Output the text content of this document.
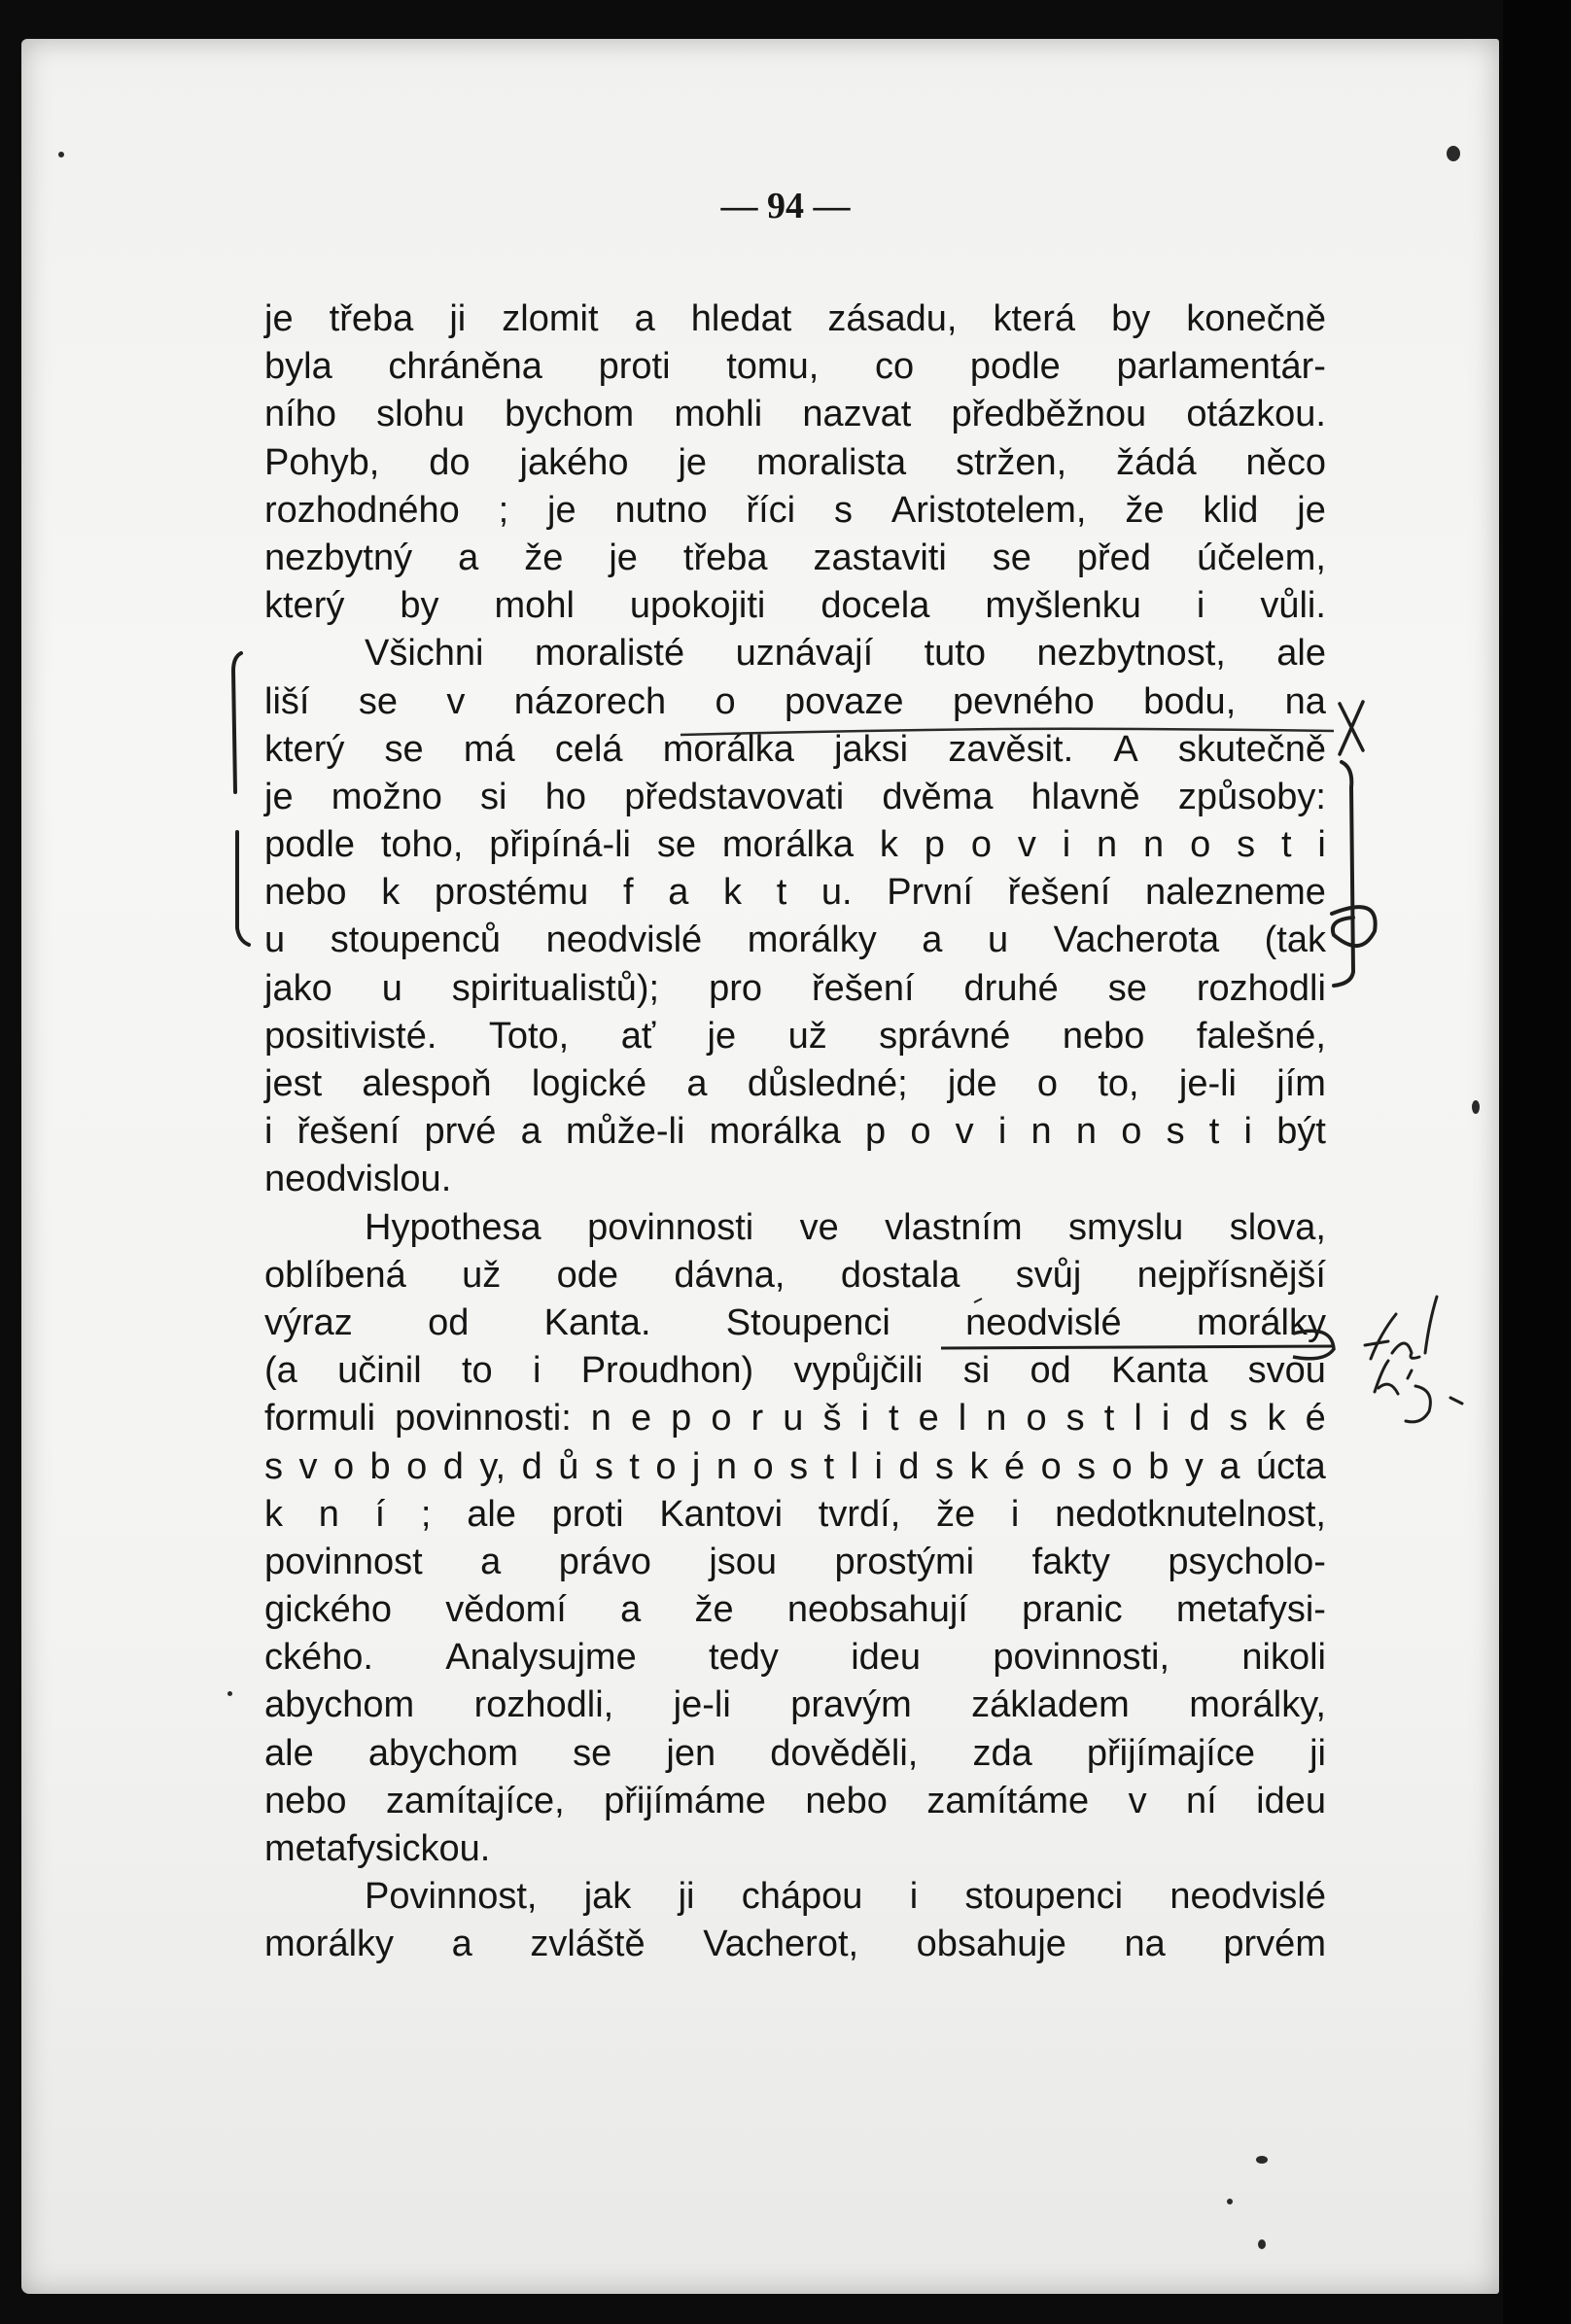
— 94 —
je třeba ji zlomit a hledat zásadu, která by konečně
byla chráněna proti tomu, co podle parlamentár-
ního slohu bychom mohli nazvat předběžnou otázkou.
Pohyb, do jakého je moralista stržen, žádá něco
rozhodného ; je nutno říci s Aristotelem, že klid je
nezbytný a že je třeba zastaviti se před účelem,
který by mohl upokojiti docela myšlenku i vůli.
Všichni moralisté uznávají tuto nezbytnost, ale
liší se v názorech o povaze pevného bodu, na
který se má celá morálka jaksi zavěsit. A skutečně
je možno si ho představovati dvěma hlavně způsoby:
podle toho, připíná-li se morálka k p o v i n n o s t i
nebo k prostému f a k t u. První řešení nalezneme
u stoupenců neodvislé morálky a u Vacherota (tak
jako u spiritualistů); pro řešení druhé se rozhodli
positivisté. Toto, ať je už správné nebo falešné,
jest alespoň logické a důsledné; jde o to, je-li jím
i řešení prvé a může-li morálka p o v i n n o s t i být
neodvislou.
Hypothesa povinnosti ve vlastním smyslu slova,
oblíbená už ode dávna, dostala svůj nejpřísnější
výraz od Kanta. Stoupenci neodvislé morálky
(a učinil to i Proudhon) vypůjčili si od Kanta svou
formuli povinnosti: n e p o r u š i t e l n o s t l i d s k é
s v o b o d y, d ů s t o j n o s t l i d s k é o s o b y a úcta
k n í ; ale proti Kantovi tvrdí, že i nedotknutelnost,
povinnost a právo jsou prostými fakty psycholo-
gického vědomí a že neobsahují pranic metafysi-
ckého. Analysujme tedy ideu povinnosti, nikoli
abychom rozhodli, je-li pravým základem morálky,
ale abychom se jen dověděli, zda přijímajíce ji
nebo zamítajíce, přijímáme nebo zamítáme v ní ideu
metafysickou.
Povinnost, jak ji chápou i stoupenci neodvislé
morálky a zvláště Vacherot, obsahuje na prvém
